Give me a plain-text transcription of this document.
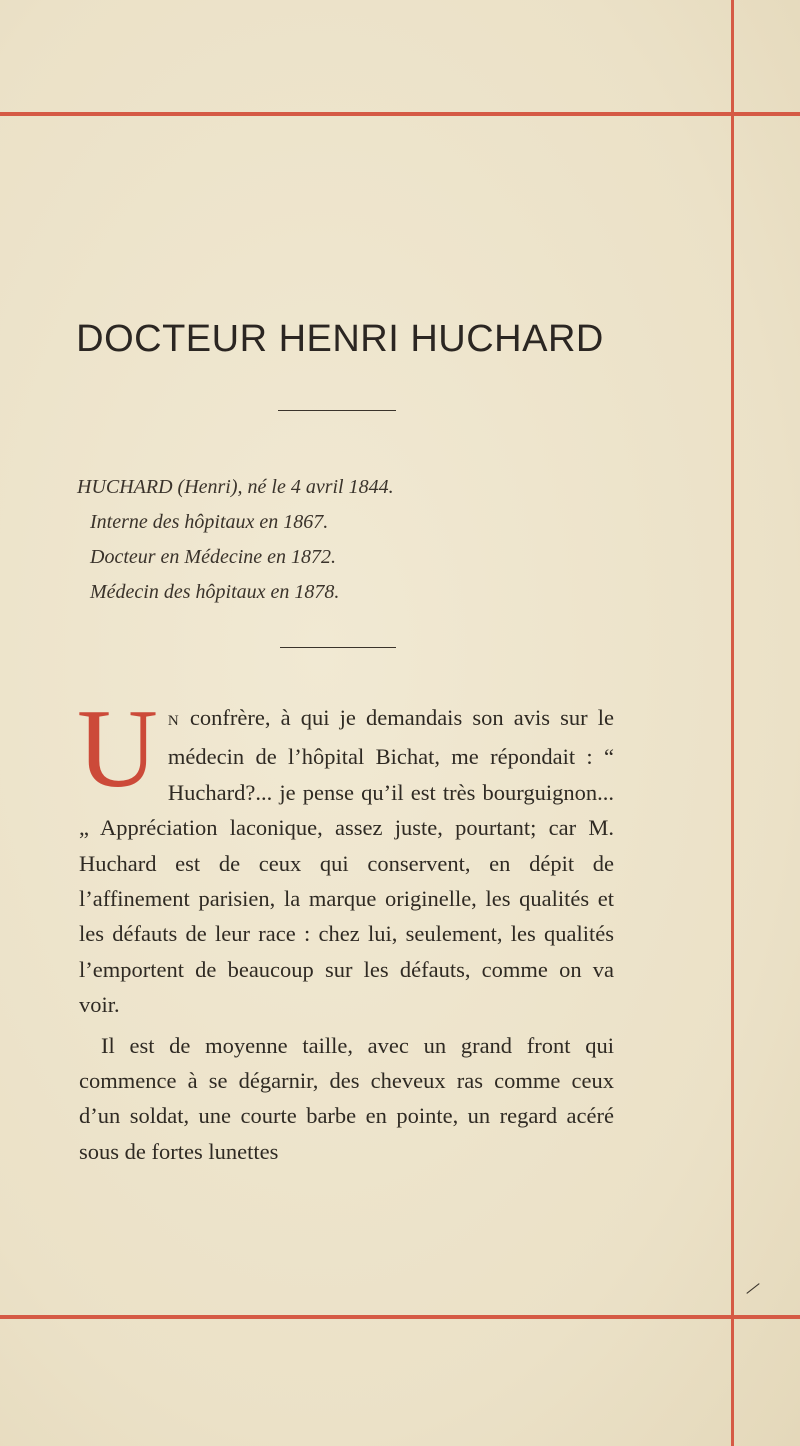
DOCTEUR HENRI HUCHARD
HUCHARD (Henri), né le 4 avril 1844.
Interne des hôpitaux en 1867.
Docteur en Médecine en 1872.
Médecin des hôpitaux en 1878.

U N confrère, à qui je demandais son avis sur le médecin de l’hôpital Bichat, me répondait : “ Huchard?... je pense qu’il est très bourguignon... „ Appréciation laconique, assez juste, pourtant; car M. Huchard est de ceux qui conservent, en dépit de l’affinement parisien, la marque originelle, les qualités et les défauts de leur race : chez lui, seulement, les qualités l’emportent de beaucoup sur les défauts, comme on va voir.

Il est de moyenne taille, avec un grand front qui commence à se dégarnir, des cheveux ras comme ceux d’un soldat, une courte barbe en pointe, un regard acéré sous de fortes lunettes
